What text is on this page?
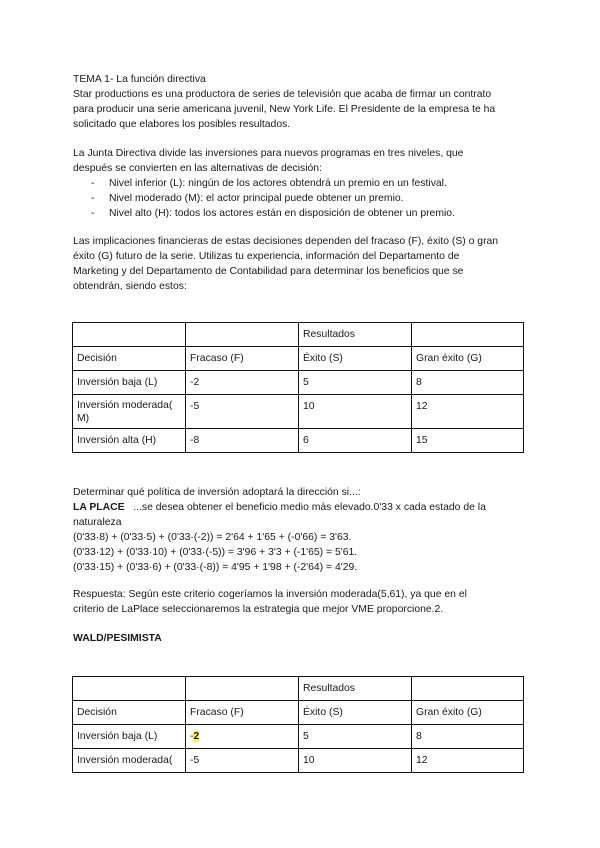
TEMA 1- La función directiva
Star productions es una productora de series de televisión que acaba de firmar un contrato
para producir una serie americana juvenil, New York Life. El Presidente de la empresa te ha
solicitado que elabores los posibles resultados.
La Junta Directiva divide las inversiones para nuevos programas en tres niveles, que
después se convierten en las alternativas de decisión:
- Nivel inferior (L): ningún de los actores obtendrá un premio en un festival.
- Nivel moderado (M): el actor principal puede obtener un premio.
- Nivel alto (H): todos los actores están en disposición de obtener un premio.
Las implicaciones financieras de estas decisiones dependen del fracaso (F), éxito (S) o gran
éxito (G) futuro de la serie. Utilizas tu experiencia, información del Departamento de
Marketing y del Departamento de Contabilidad para determinar los beneficios que se
obtendrán, siendo estos:
		Resultados	
Decisión	Fracaso (F)	Éxito (S)	Gran éxito (G)
Inversión baja (L)	-2	5	8
Inversión moderada( M)	-5	10	12
Inversión alta (H)	-8	6	15
Determinar qué política de inversión adoptará la dirección si...:
LA PLACE ...se desea obtener el beneficio medio más elevado.0'33 x cada estado de la
naturaleza
(0'33·8) + (0'33·5) + (0'33·(-2)) = 2'64 + 1'65 + (-0'66) = 3'63.
(0'33·12) + (0'33·10) + (0'33·(-5)) = 3'96 + 3'3 + (-1'65) = 5'61.
(0'33·15) + (0'33·6) + (0'33·(-8)) = 4'95 + 1'98 + (-2'64) = 4'29.
Respuesta: Según este criterio cogeríamos la inversión moderada(5,61), ya que en el
criterio de LaPlace seleccionaremos la estrategia que mejor VME proporcione.2.
WALD/PESIMISTA
		Resultados	
Decisión	Fracaso (F)	Éxito (S)	Gran éxito (G)
Inversión baja (L)	-2	5	8
Inversión moderada(	-5	10	12
